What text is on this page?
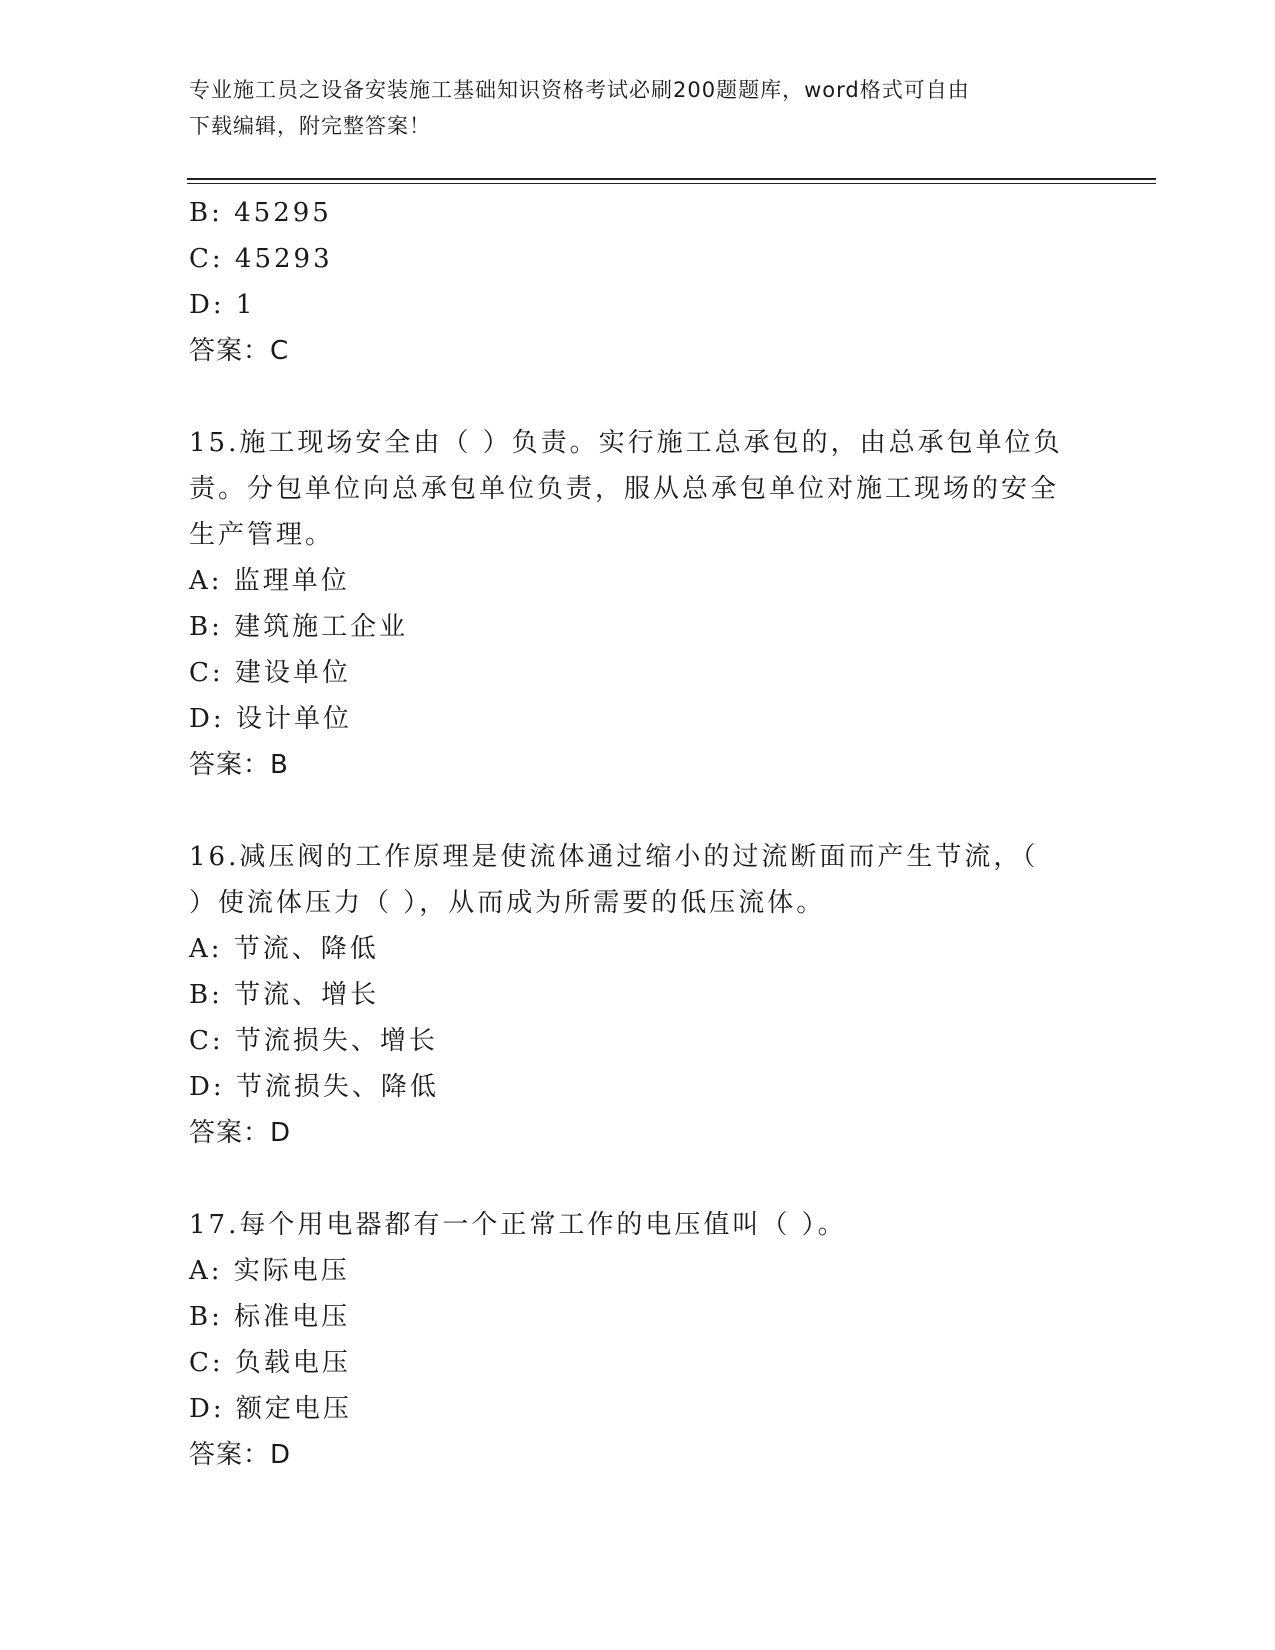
专业施工员之设备安装施工基础知识资格考试必刷200题题库，word格式可自由
下载编辑，附完整答案！
B: 45295
C: 45293
D: 1
答案：C
15.施工现场安全由（ ）负责。实行施工总承包的，由总承包单位负
责。分包单位向总承包单位负责，服从总承包单位对施工现场的安全
生产管理。
A: 监理单位
B: 建筑施工企业
C: 建设单位
D: 设计单位
答案：B
16.减压阀的工作原理是使流体通过缩小的过流断面而产生节流，（
）使流体压力（ ），从而成为所需要的低压流体。
A: 节流、降低
B: 节流、增长
C: 节流损失、增长
D: 节流损失、降低
答案：D
17.每个用电器都有一个正常工作的电压值叫（ ）。
A: 实际电压
B: 标准电压
C: 负载电压
D: 额定电压
答案：D
